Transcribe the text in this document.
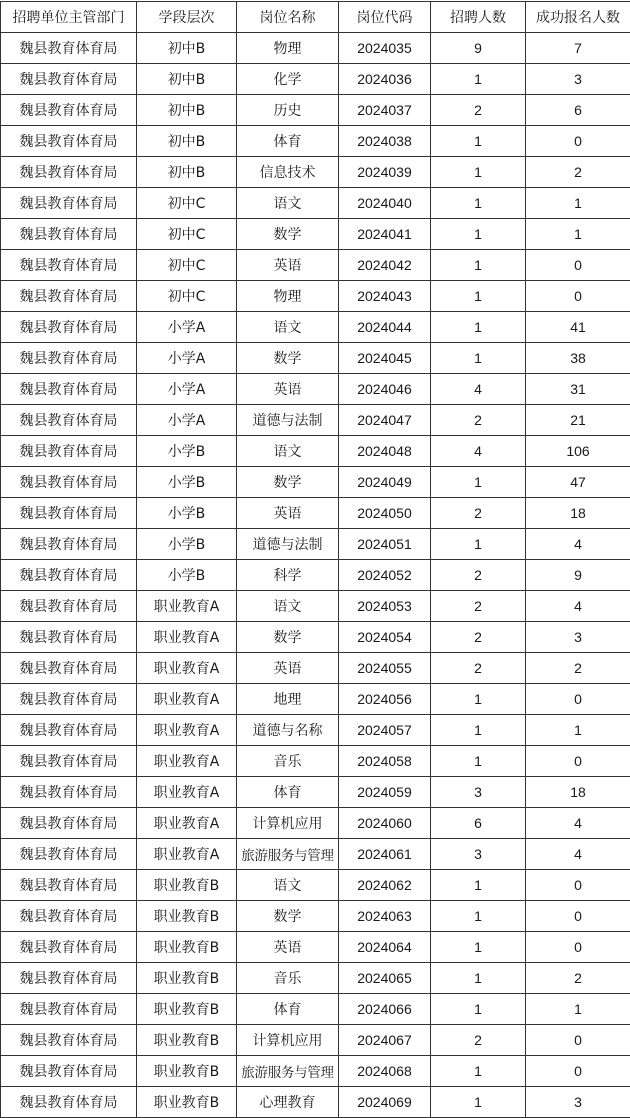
招聘单位主管部门	学段层次	岗位名称	岗位代码	招聘人数	成功报名人数
魏县教育体育局	初中B	物理	2024035	9	7
魏县教育体育局	初中B	化学	2024036	1	3
魏县教育体育局	初中B	历史	2024037	2	6
魏县教育体育局	初中B	体育	2024038	1	0
魏县教育体育局	初中B	信息技术	2024039	1	2
魏县教育体育局	初中C	语文	2024040	1	1
魏县教育体育局	初中C	数学	2024041	1	1
魏县教育体育局	初中C	英语	2024042	1	0
魏县教育体育局	初中C	物理	2024043	1	0
魏县教育体育局	小学A	语文	2024044	1	41
魏县教育体育局	小学A	数学	2024045	1	38
魏县教育体育局	小学A	英语	2024046	4	31
魏县教育体育局	小学A	道德与法制	2024047	2	21
魏县教育体育局	小学B	语文	2024048	4	106
魏县教育体育局	小学B	数学	2024049	1	47
魏县教育体育局	小学B	英语	2024050	2	18
魏县教育体育局	小学B	道德与法制	2024051	1	4
魏县教育体育局	小学B	科学	2024052	2	9
魏县教育体育局	职业教育A	语文	2024053	2	4
魏县教育体育局	职业教育A	数学	2024054	2	3
魏县教育体育局	职业教育A	英语	2024055	2	2
魏县教育体育局	职业教育A	地理	2024056	1	0
魏县教育体育局	职业教育A	道德与名称	2024057	1	1
魏县教育体育局	职业教育A	音乐	2024058	1	0
魏县教育体育局	职业教育A	体育	2024059	3	18
魏县教育体育局	职业教育A	计算机应用	2024060	6	4
魏县教育体育局	职业教育A	旅游服务与管理	2024061	3	4
魏县教育体育局	职业教育B	语文	2024062	1	0
魏县教育体育局	职业教育B	数学	2024063	1	0
魏县教育体育局	职业教育B	英语	2024064	1	0
魏县教育体育局	职业教育B	音乐	2024065	1	2
魏县教育体育局	职业教育B	体育	2024066	1	1
魏县教育体育局	职业教育B	计算机应用	2024067	2	0
魏县教育体育局	职业教育B	旅游服务与管理	2024068	1	0
魏县教育体育局	职业教育B	心理教育	2024069	1	3
